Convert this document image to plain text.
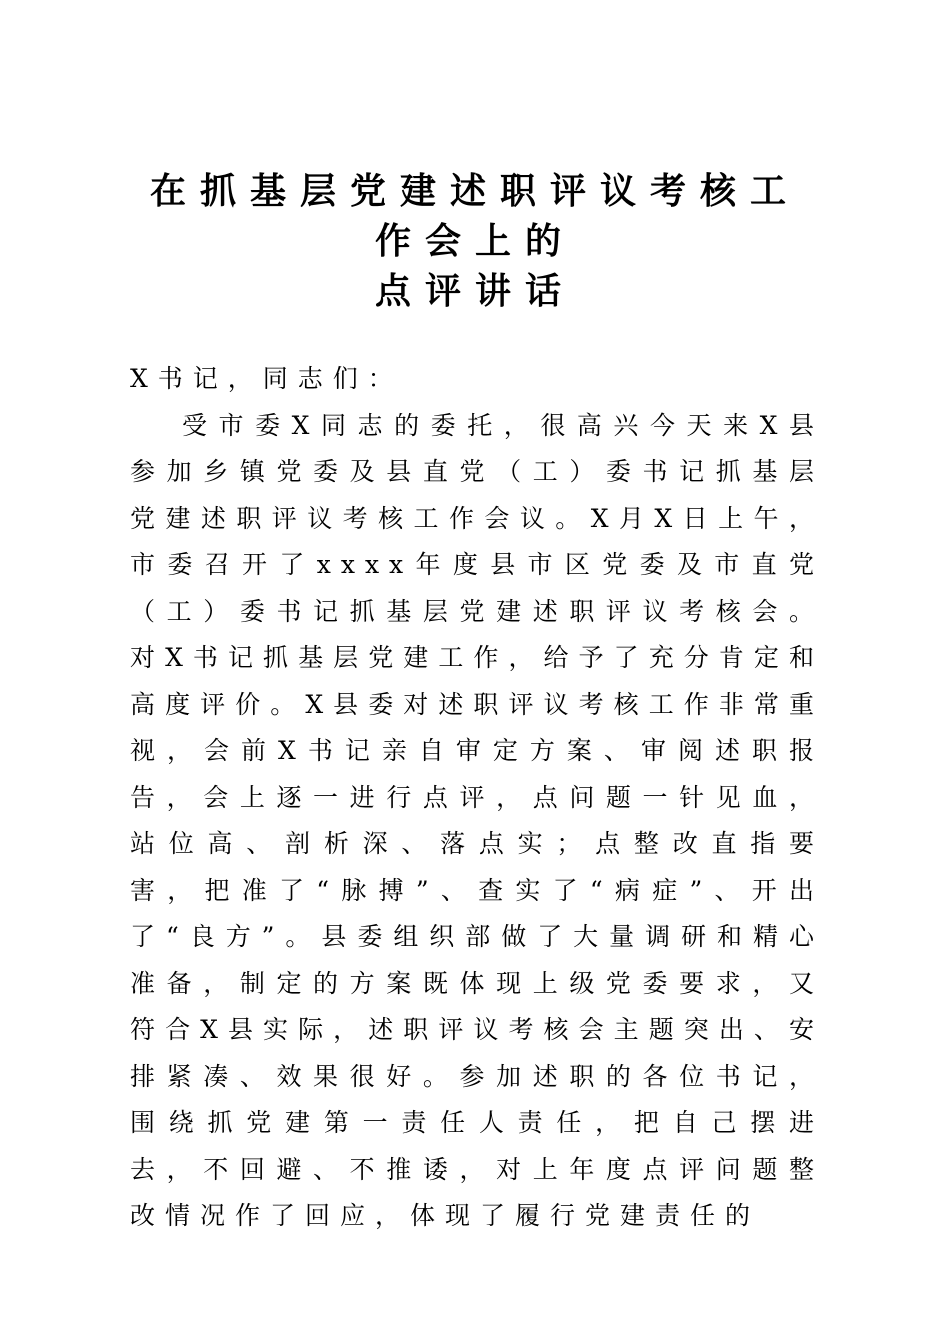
在抓基层党建述职评议考核工
作会上的
点评讲话
X书记，同志们：
受市委X同志的委托，很高兴今天来X县参加乡镇党委及县直党（工）委书记抓基层党建述职评议考核工作会议。X月X日上午，市委召开了xxxx年度县市区党委及市直党（工）委书记抓基层党建述职评议考核会。对X书记抓基层党建工作，给予了充分肯定和高度评价。X县委对述职评议考核工作非常重视，会前X书记亲自审定方案、审阅述职报告，会上逐一进行点评，点问题一针见血，站位高、剖析深、落点实；点整改直指要害，把准了“脉搏”、查实了“病症”、开出了“良方”。县委组织部做了大量调研和精心准备，制定的方案既体现上级党委要求，又符合X县实际，述职评议考核会主题突出、安排紧凑、效果很好。参加述职的各位书记，围绕抓党建第一责任人责任，把自己摆进去，不回避、不推诿，对上年度点评问题整改情况作了回应，体现了履行党建责任的
